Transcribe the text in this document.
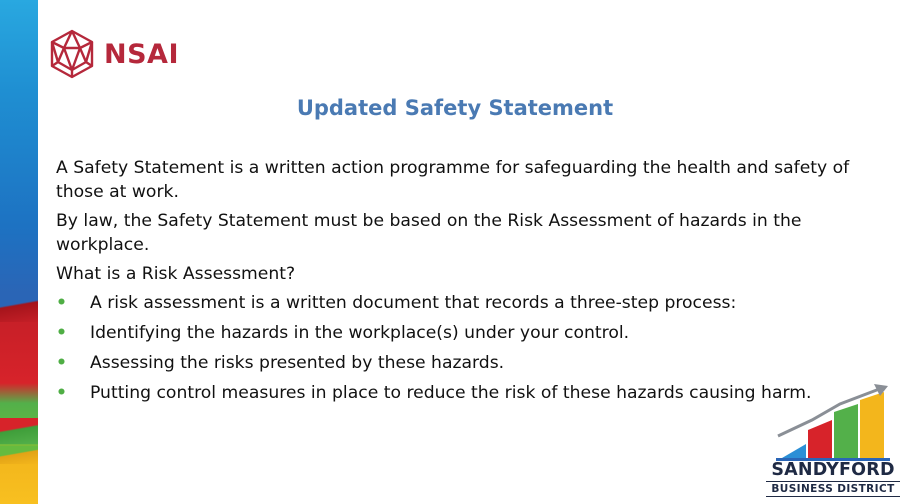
NSAI
Updated Safety Statement

A Safety Statement is a written action programme for safeguarding the health and safety of those at work.

By law, the Safety Statement must be based on the Risk Assessment of hazards in the workplace.

What is a Risk Assessment?

• A risk assessment is a written document that records a three-step process:
• Identifying the hazards in the workplace(s) under your control.
• Assessing the risks presented by these hazards.
• Putting control measures in place to reduce the risk of these hazards causing harm.
SANDYFORD
BUSINESS DISTRICT
